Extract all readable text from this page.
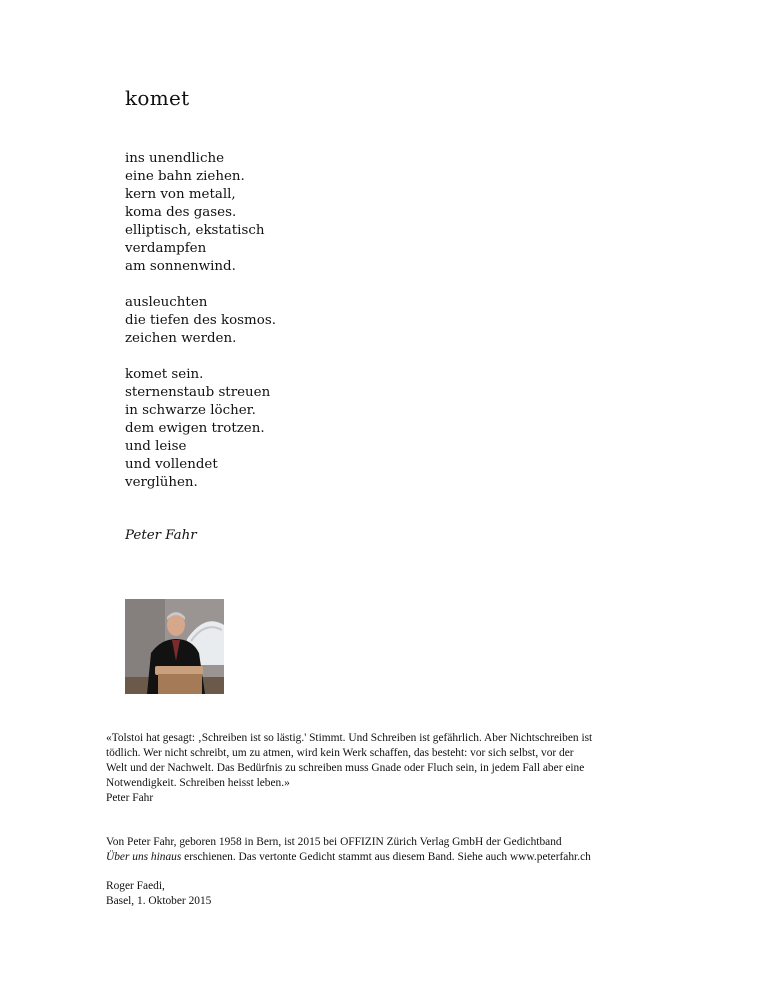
komet
ins unendliche
eine bahn ziehen.
kern von metall,
koma des gases.
elliptisch, ekstatisch
verdampfen
am sonnenwind.
ausleuchten
die tiefen des kosmos.
zeichen werden.
komet sein.
sternenstaub streuen
in schwarze löcher.
dem ewigen trotzen.
und leise
und vollendet
verglühen.
Peter Fahr
«Tolstoi hat gesagt: ‚Schreiben ist so lästig.' Stimmt. Und Schreiben ist gefährlich. Aber Nichtschreiben ist
tödlich. Wer nicht schreibt, um zu atmen, wird kein Werk schaffen, das besteht: vor sich selbst, vor der
Welt und der Nachwelt. Das Bedürfnis zu schreiben muss Gnade oder Fluch sein, in jedem Fall aber eine
Notwendigkeit. Schreiben heisst leben.»
Peter Fahr
Von Peter Fahr, geboren 1958 in Bern, ist 2015 bei OFFIZIN Zürich Verlag GmbH der Gedichtband
Über uns hinaus erschienen. Das vertonte Gedicht stammt aus diesem Band. Siehe auch www.peterfahr.ch
Roger Faedi,
Basel, 1. Oktober 2015
